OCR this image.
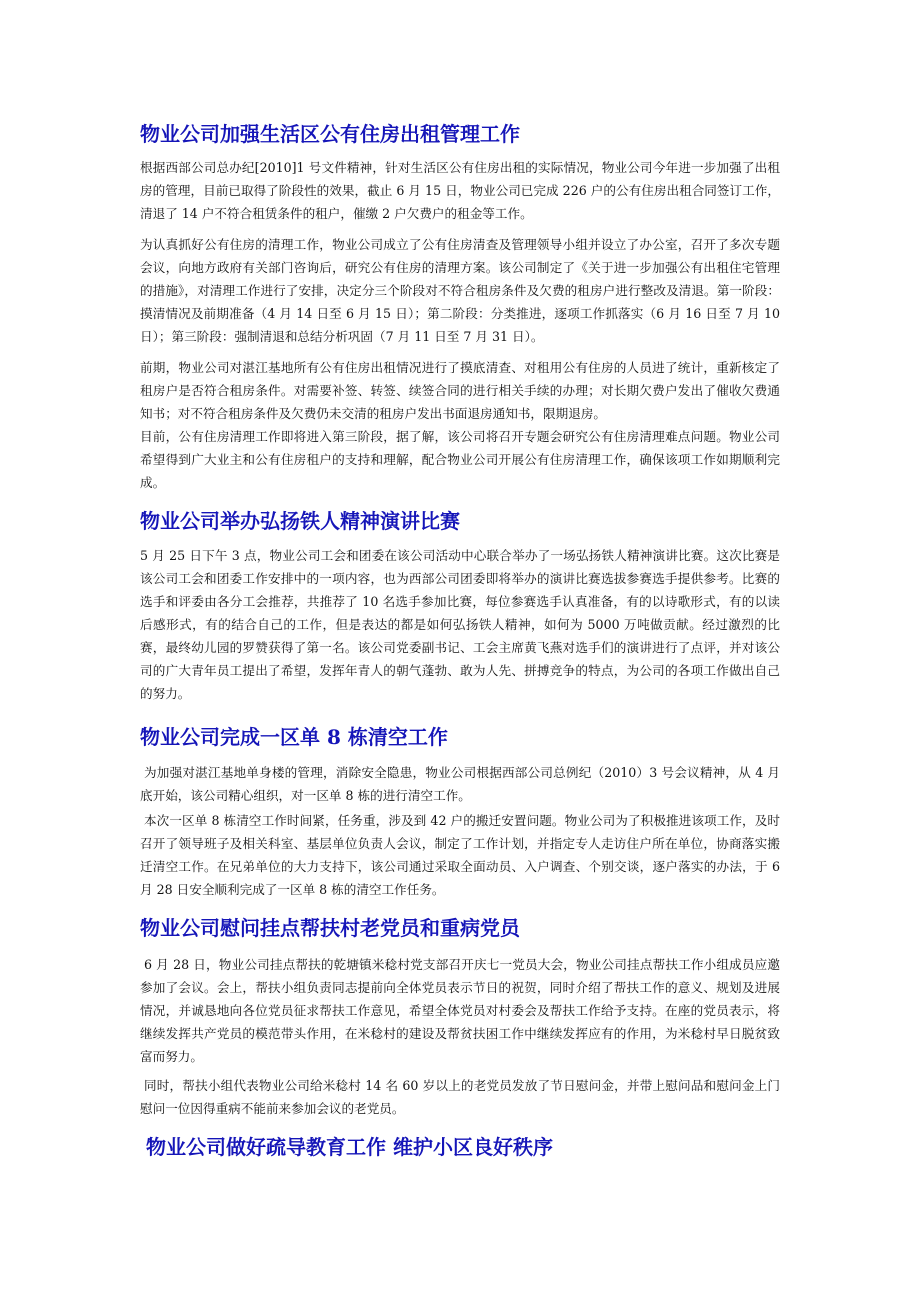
物业公司加强生活区公有住房出租管理工作

根据西部公司总办纪[2010]1 号文件精神，针对生活区公有住房出租的实际情况，物业公司今年进一步加强了出租房的管理，目前已取得了阶段性的效果，截止 6 月 15 日，物业公司已完成 226 户的公有住房出租合同签订工作，清退了 14 户不符合租赁条件的租户，催缴 2 户欠费户的租金等工作。

为认真抓好公有住房的清理工作，物业公司成立了公有住房清查及管理领导小组并设立了办公室，召开了多次专题会议，向地方政府有关部门咨询后，研究公有住房的清理方案。该公司制定了《关于进一步加强公有出租住宅管理的措施》，对清理工作进行了安排，决定分三个阶段对不符合租房条件及欠费的租房户进行整改及清退。第一阶段：摸清情况及前期准备（4 月 14 日至 6 月 15 日）；第二阶段：分类推进，逐项工作抓落实（6 月 16 日至 7 月 10 日）；第三阶段：强制清退和总结分析巩固（7 月 11 日至 7 月 31 日）。

前期，物业公司对湛江基地所有公有住房出租情况进行了摸底清查、对租用公有住房的人员进了统计，重新核定了租房户是否符合租房条件。对需要补签、转签、续签合同的进行相关手续的办理；对长期欠费户发出了催收欠费通知书；对不符合租房条件及欠费仍未交清的租房户发出书面退房通知书，限期退房。

目前，公有住房清理工作即将进入第三阶段，据了解，该公司将召开专题会研究公有住房清理难点问题。物业公司希望得到广大业主和公有住房租户的支持和理解，配合物业公司开展公有住房清理工作，确保该项工作如期顺利完成。

物业公司举办弘扬铁人精神演讲比赛

5 月 25 日下午 3 点，物业公司工会和团委在该公司活动中心联合举办了一场弘扬铁人精神演讲比赛。这次比赛是该公司工会和团委工作安排中的一项内容，也为西部公司团委即将举办的演讲比赛选拔参赛选手提供参考。比赛的选手和评委由各分工会推荐，共推荐了 10 名选手参加比赛，每位参赛选手认真准备，有的以诗歌形式，有的以读后感形式，有的结合自己的工作，但是表达的都是如何弘扬铁人精神，如何为 5000 万吨做贡献。经过激烈的比赛，最终幼儿园的罗赞获得了第一名。该公司党委副书记、工会主席黄飞燕对选手们的演讲进行了点评，并对该公司的广大青年员工提出了希望，发挥年青人的朝气蓬勃、敢为人先、拼搏竞争的特点，为公司的各项工作做出自己的努力。

物业公司完成一区单 8 栋清空工作

为加强对湛江基地单身楼的管理，消除安全隐患，物业公司根据西部公司总例纪（2010）3 号会议精神，从 4 月底开始，该公司精心组织，对一区单 8 栋的进行清空工作。

本次一区单 8 栋清空工作时间紧，任务重，涉及到 42 户的搬迁安置问题。物业公司为了积极推进该项工作，及时召开了领导班子及相关科室、基层单位负责人会议，制定了工作计划，并指定专人走访住户所在单位，协商落实搬迁清空工作。在兄弟单位的大力支持下，该公司通过采取全面动员、入户调查、个别交谈，逐户落实的办法，于 6 月 28 日安全顺利完成了一区单 8 栋的清空工作任务。

物业公司慰问挂点帮扶村老党员和重病党员

6 月 28 日，物业公司挂点帮扶的乾塘镇米稔村党支部召开庆七一党员大会，物业公司挂点帮扶工作小组成员应邀参加了会议。会上，帮扶小组负责同志提前向全体党员表示节日的祝贺，同时介绍了帮扶工作的意义、规划及进展情况，并诚恳地向各位党员征求帮扶工作意见，希望全体党员对村委会及帮扶工作给予支持。在座的党员表示，将继续发挥共产党员的模范带头作用，在米稔村的建设及帮贫扶困工作中继续发挥应有的作用，为米稔村早日脱贫致富而努力。

同时，帮扶小组代表物业公司给米稔村 14 名 60 岁以上的老党员发放了节日慰问金，并带上慰问品和慰问金上门慰问一位因得重病不能前来参加会议的老党员。

物业公司做好疏导教育工作 维护小区良好秩序
